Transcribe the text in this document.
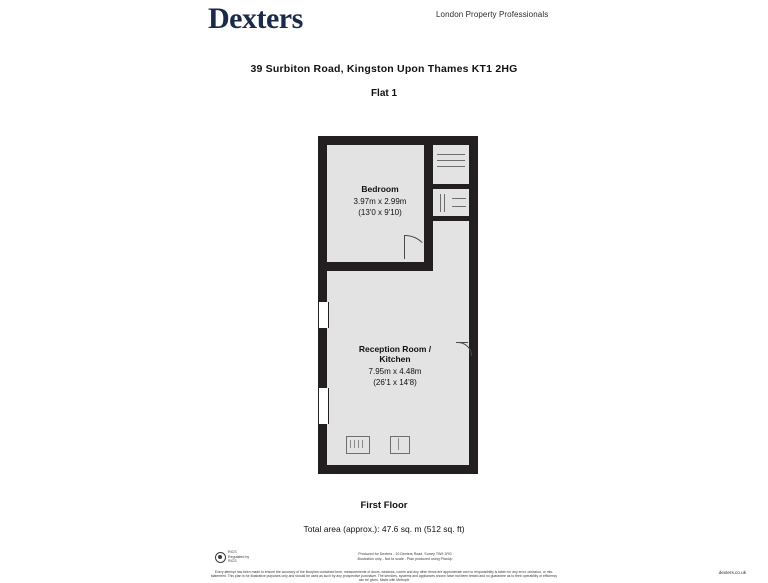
Dexters	London Property Professionals
39 Surbiton Road, Kingston Upon Thames KT1 2HG
Flat 1
Bedroom
3.97m x 2.99m
(13'0 x 9'10)
Reception Room /
Kitchen
7.95m x 4.48m
(26'1 x 14'8)
First Floor
Total area (approx.): 47.6 sq. m (512 sq. ft)
RICS
Regulated by
RICS
Produced for Dexters - 10 Dexters Road, Surrey TW9 1RG
Illustration only - Not to scale - Plan produced using PlanUp
Every attempt has been made to ensure the accuracy of the floorplan contained here, measurements of doors, windows, rooms and any other items are approximate and no responsibility is taken for any error, omission, or mis-statement. This plan is for illustrative purposes only and should be used as such by any prospective purchaser. The services, systems and appliances shown have not been tested and no guarantee as to their operability or efficiency can be given. Made with Metropix
dexters.co.uk
